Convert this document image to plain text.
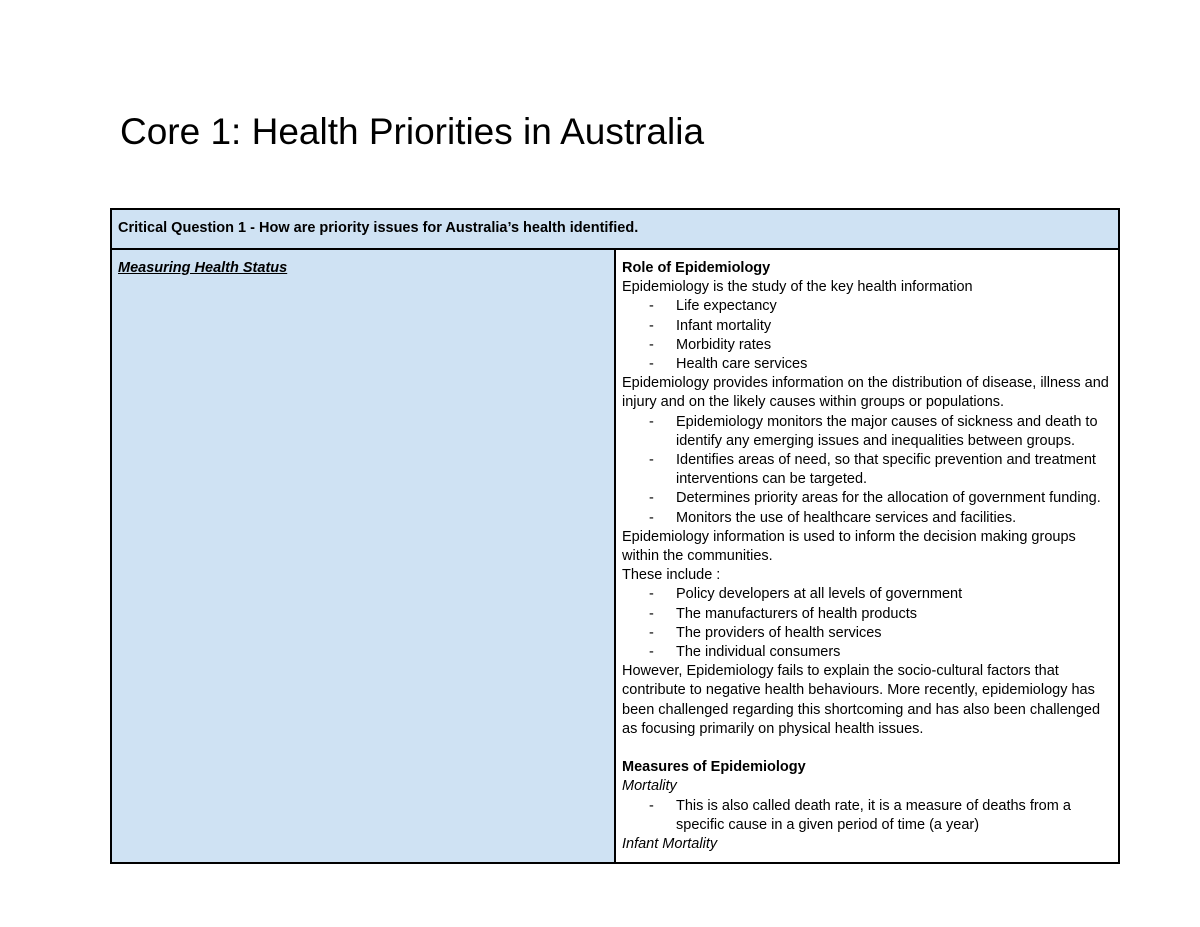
Core 1: Health Priorities in Australia
Critical Question 1 - How are priority issues for Australia’s health identified.
Measuring Health Status	Role of Epidemiology

Epidemiology is the study of the key health information

- Life expectancy
- Infant mortality
- Morbidity rates
- Health care services

Epidemiology provides information on the distribution of disease, illness and injury and on the likely causes within groups or populations.

- Epidemiology monitors the major causes of sickness and death to identify any emerging issues and inequalities between groups.
- Identifies areas of need, so that specific prevention and treatment interventions can be targeted.
- Determines priority areas for the allocation of government funding.
- Monitors the use of healthcare services and facilities.

Epidemiology information is used to inform the decision making groups within the communities.

These include :

- Policy developers at all levels of government
- The manufacturers of health products
- The providers of health services
- The individual consumers

However, Epidemiology fails to explain the socio-cultural factors that contribute to negative health behaviours. More recently, epidemiology has been challenged regarding this shortcoming and has also been challenged as focusing primarily on physical health issues.

Measures of Epidemiology

Mortality

- This is also called death rate, it is a measure of deaths from a specific cause in a given period of time (a year)

Infant Mortality
